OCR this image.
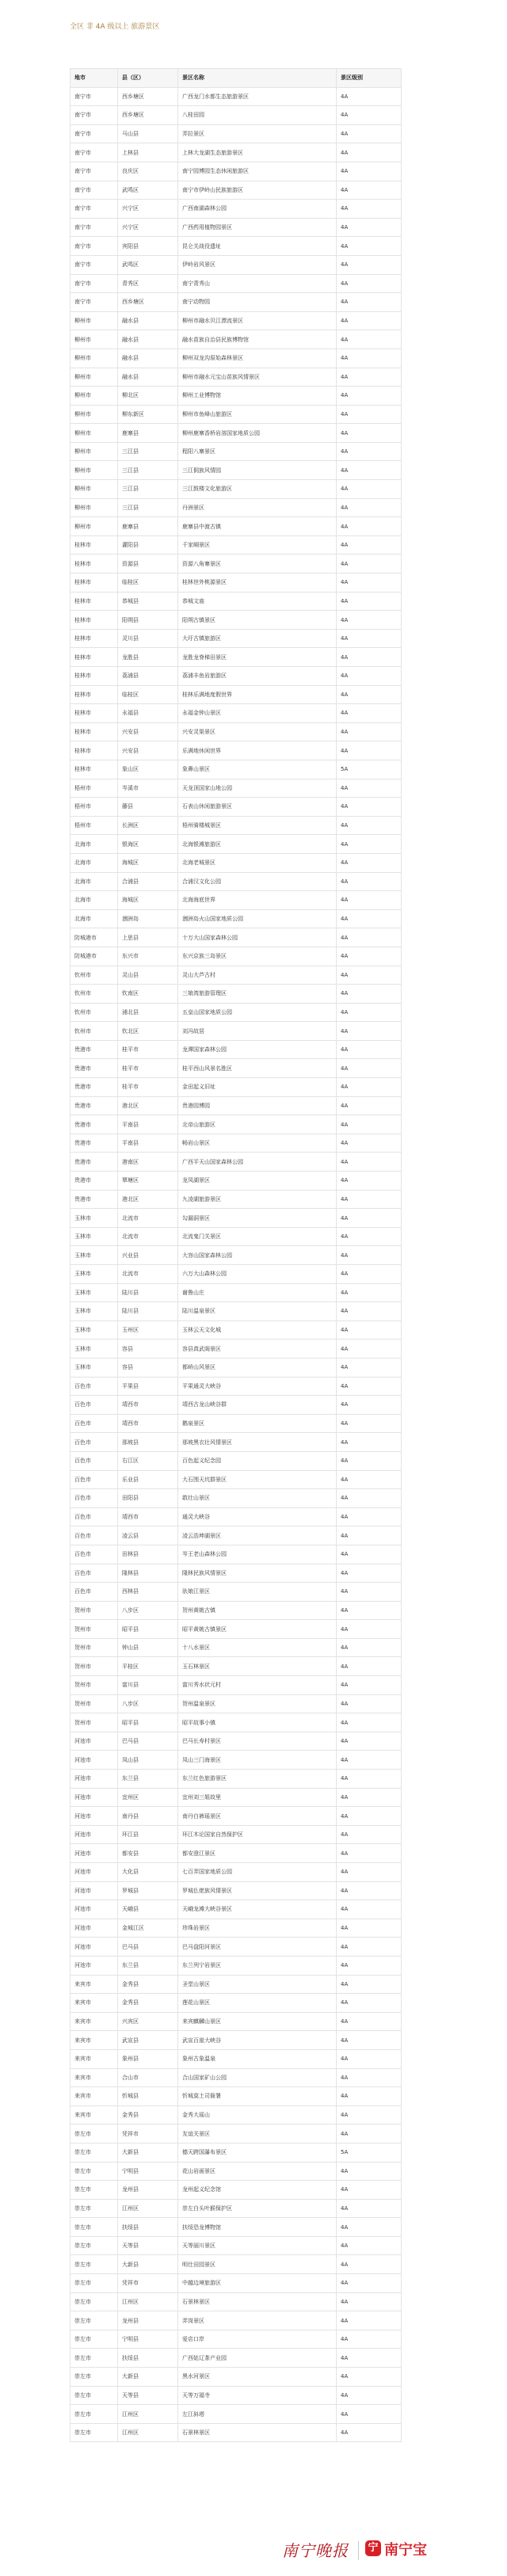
全区 非 4A 级以上 旅游景区
地市	县（区）	景区名称	景区级别
南宁市	西乡塘区	广西龙门水都生态旅游景区	4A
南宁市	西乡塘区	八桂田园	4A
南宁市	马山县	弄拉景区	4A
南宁市	上林县	上林大龙湖生态旅游景区	4A
南宁市	良庆区	南宁园博园生态休闲旅游区	4A
南宁市	武鸣区	南宁市伊岭山民族旅游区	4A
南宁市	兴宁区	广西南湖森林公园	4A
南宁市	兴宁区	广西药用植物园景区	4A
南宁市	宾阳县	昆仑关战役遗址	4A
南宁市	武鸣区	伊岭岩风景区	4A
南宁市	青秀区	南宁青秀山	4A
南宁市	西乡塘区	南宁动物园	4A
柳州市	融水县	柳州市融水贝江漂流景区	4A
柳州市	融水县	融水苗族自治县民族博物馆	4A
柳州市	融水县	柳州双龙沟原始森林景区	4A
柳州市	融水县	柳州市融水元宝山苗族风情景区	4A
柳州市	柳北区	柳州工业博物馆	4A
柳州市	柳东新区	柳州市鱼峰山旅游区	4A
柳州市	鹿寨县	柳州鹿寨香桥岩溶国家地质公园	4A
柳州市	三江县	程阳八寨景区	4A
柳州市	三江县	三江侗族风情园	4A
柳州市	三江县	三江鼓楼文化旅游区	4A
柳州市	三江县	丹洲景区	4A
柳州市	鹿寨县	鹿寨县中渡古镇	4A
桂林市	灌阳县	千家峒景区	4A
桂林市	资源县	资源八角寨景区	4A
桂林市	临桂区	桂林世外桃源景区	4A
桂林市	恭城县	恭城文庙	4A
桂林市	阳朔县	阳朔古镇景区	4A
桂林市	灵川县	大圩古镇旅游区	4A
桂林市	龙胜县	龙胜龙脊梯田景区	4A
桂林市	荔浦县	荔浦丰鱼岩旅游区	4A
桂林市	临桂区	桂林乐满地度假世界	4A
桂林市	永福县	永福金钟山景区	4A
桂林市	兴安县	兴安灵渠景区	4A
桂林市	兴安县	乐满地休闲世界	4A
桂林市	象山区	象鼻山景区	5A
梧州市	岑溪市	天龙顶国家山地公园	4A
梧州市	藤县	石表山休闲旅游景区	4A
梧州市	长洲区	梧州骑楼城景区	4A
北海市	银海区	北海银滩旅游区	4A
北海市	海城区	北海老城景区	4A
北海市	合浦县	合浦汉文化公园	4A
北海市	海城区	北海海底世界	4A
北海市	涠洲岛	涠洲岛火山国家地质公园	4A
防城港市	上思县	十万大山国家森林公园	4A
防城港市	东兴市	东兴京族三岛景区	4A
钦州市	灵山县	灵山大芦古村	4A
钦州市	钦南区	三娘湾旅游管理区	4A
钦州市	浦北县	五皇山国家地质公园	4A
钦州市	钦北区	刘冯故居	4A
贵港市	桂平市	龙潭国家森林公园	4A
贵港市	桂平市	桂平西山风景名胜区	4A
贵港市	桂平市	金田起义旧址	4A
贵港市	港北区	贵港园博园	4A
贵港市	平南县	北帝山旅游区	4A
贵港市	平南县	畅岩山景区	4A
贵港市	港南区	广西平天山国家森林公园	4A
贵港市	覃塘区	龙凤湖景区	4A
贵港市	港北区	九凌湖旅游景区	4A
玉林市	北流市	勾漏洞景区	4A
玉林市	北流市	北流鬼门关景区	4A
玉林市	兴业县	大容山国家森林公园	4A
玉林市	北流市	六万大山森林公园	4A
玉林市	陆川县	谢鲁山庄	4A
玉林市	陆川县	陆川温泉景区	4A
玉林市	玉州区	玉林云天文化城	4A
玉林市	容县	容县真武阁景区	4A
玉林市	容县	都峤山风景区	4A
百色市	平果县	平果通灵大峡谷	4A
百色市	靖西市	靖西古龙山峡谷群	4A
百色市	靖西市	鹅泉景区	4A
百色市	那坡县	那坡黑衣壮风情景区	4A
百色市	右江区	百色起义纪念园	4A
百色市	乐业县	大石围天坑群景区	4A
百色市	田阳县	敢壮山景区	4A
百色市	靖西市	通灵大峡谷	4A
百色市	凌云县	凌云浩坤湖景区	4A
百色市	田林县	岑王老山森林公园	4A
百色市	隆林县	隆林民族风情景区	4A
百色市	西林县	驮娘江景区	4A
贺州市	八步区	贺州黄姚古镇	4A
贺州市	昭平县	昭平黄姚古镇景区	4A
贺州市	钟山县	十八水景区	4A
贺州市	平桂区	玉石林景区	4A
贺州市	富川县	富川秀水状元村	4A
贺州市	八步区	贺州温泉景区	4A
贺州市	昭平县	昭平故事小镇	4A
河池市	巴马县	巴马长寿村景区	4A
河池市	凤山县	凤山三门海景区	4A
河池市	东兰县	东兰红色旅游景区	4A
河池市	宜州区	宜州刘三姐故里	4A
河池市	南丹县	南丹白裤瑶景区	4A
河池市	环江县	环江木论国家自然保护区	4A
河池市	都安县	都安澄江景区	4A
河池市	大化县	七百弄国家地质公园	4A
河池市	罗城县	罗城仫佬族风情景区	4A
河池市	天峨县	天峨龙滩大峡谷景区	4A
河池市	金城江区	珍珠岩景区	4A
河池市	巴马县	巴马盘阳河景区	4A
河池市	东兰县	东兰列宁岩景区	4A
来宾市	金秀县	圣堂山景区	4A
来宾市	金秀县	莲花山景区	4A
来宾市	兴宾区	来宾麒麟山景区	4A
来宾市	武宣县	武宣百崖大峡谷	4A
来宾市	象州县	象州古象温泉	4A
来宾市	合山市	合山国家矿山公园	4A
来宾市	忻城县	忻城莫土司衙署	4A
来宾市	金秀县	金秀大瑶山	4A
崇左市	凭祥市	友谊关景区	4A
崇左市	大新县	德天跨国瀑布景区	5A
崇左市	宁明县	花山岩画景区	4A
崇左市	龙州县	龙州起义纪念馆	4A
崇左市	江州区	崇左白头叶猴保护区	4A
崇左市	扶绥县	扶绥恐龙博物馆	4A
崇左市	天等县	天等丽川景区	4A
崇左市	大新县	明仕田园景区	4A
崇左市	凭祥市	中越边境旅游区	4A
崇左市	江州区	石景林景区	4A
崇左市	龙州县	弄岗景区	4A
崇左市	宁明县	爱店口岸	4A
崇左市	扶绥县	广西姑辽茶产业园	4A
崇左市	大新县	黑水河景区	4A
崇左市	天等县	天等万福寺	4A
崇左市	江州区	左江斜塔	4A
崇左市	江州区	石景林景区	4A
南宁晚报 宁 南宁宝
